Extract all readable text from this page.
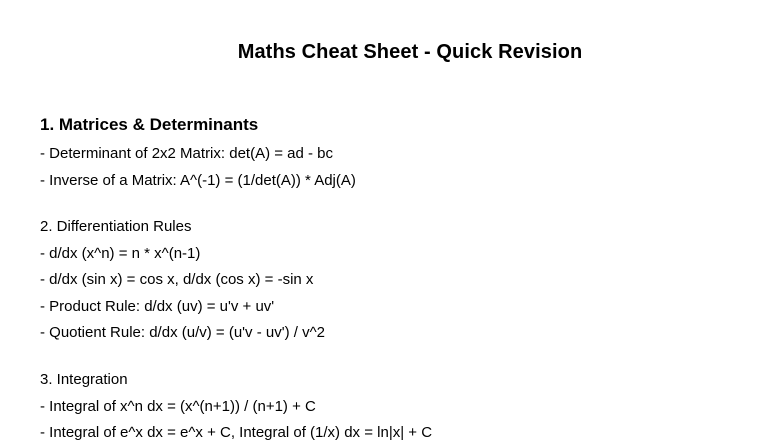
Maths Cheat Sheet - Quick Revision
1. Matrices & Determinants
- Determinant of 2x2 Matrix: det(A) = ad - bc
- Inverse of a Matrix: A^(-1) = (1/det(A)) * Adj(A)
2. Differentiation Rules
- d/dx (x^n) = n * x^(n-1)
- d/dx (sin x) = cos x, d/dx (cos x) = -sin x
- Product Rule: d/dx (uv) = u'v + uv'
- Quotient Rule: d/dx (u/v) = (u'v - uv') / v^2
3. Integration
- Integral of x^n dx = (x^(n+1)) / (n+1) + C
- Integral of e^x dx = e^x + C, Integral of (1/x) dx = ln|x| + C
